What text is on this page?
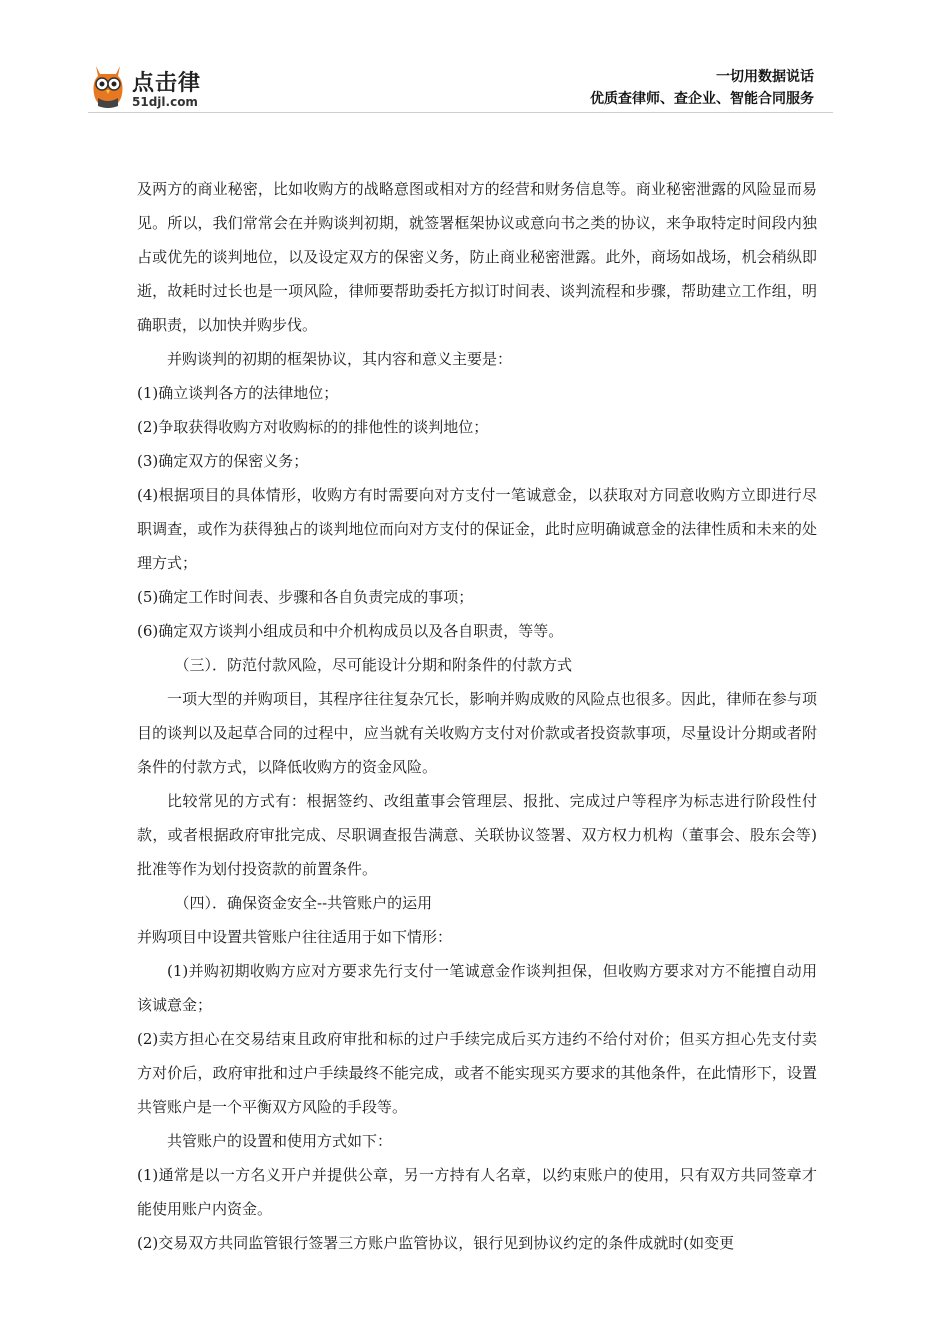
点击律
51djl.com
一切用数据说话
优质查律师、查企业、智能合同服务

及两方的商业秘密，比如收购方的战略意图或相对方的经营和财务信息等。商业秘密泄露的风险显而易见。所以，我们常常会在并购谈判初期，就签署框架协议或意向书之类的协议，来争取特定时间段内独占或优先的谈判地位，以及设定双方的保密义务，防止商业秘密泄露。此外，商场如战场，机会稍纵即逝，故耗时过长也是一项风险，律师要帮助委托方拟订时间表、谈判流程和步骤，帮助建立工作组，明确职责，以加快并购步伐。

并购谈判的初期的框架协议，其内容和意义主要是：

(1)确立谈判各方的法律地位；

(2)争取获得收购方对收购标的的排他性的谈判地位；

(3)确定双方的保密义务；

(4)根据项目的具体情形，收购方有时需要向对方支付一笔诚意金，以获取对方同意收购方立即进行尽职调查，或作为获得独占的谈判地位而向对方支付的保证金，此时应明确诚意金的法律性质和未来的处理方式；

(5)确定工作时间表、步骤和各自负责完成的事项；

(6)确定双方谈判小组成员和中介机构成员以及各自职责，等等。

（三）．防范付款风险，尽可能设计分期和附条件的付款方式

一项大型的并购项目，其程序往往复杂冗长，影响并购成败的风险点也很多。因此，律师在参与项目的谈判以及起草合同的过程中，应当就有关收购方支付对价款或者投资款事项，尽量设计分期或者附条件的付款方式，以降低收购方的资金风险。

比较常见的方式有：根据签约、改组董事会管理层、报批、完成过户等程序为标志进行阶段性付款，或者根据政府审批完成、尽职调查报告满意、关联协议签署、双方权力机构（董事会、股东会等)批准等作为划付投资款的前置条件。

（四）．确保资金安全--共管账户的运用

并购项目中设置共管账户往往适用于如下情形：

(1)并购初期收购方应对方要求先行支付一笔诚意金作谈判担保，但收购方要求对方不能擅自动用该诚意金；

(2)卖方担心在交易结束且政府审批和标的过户手续完成后买方违约不给付对价；但买方担心先支付卖方对价后，政府审批和过户手续最终不能完成，或者不能实现买方要求的其他条件，在此情形下，设置共管账户是一个平衡双方风险的手段等。

共管账户的设置和使用方式如下：

(1)通常是以一方名义开户并提供公章，另一方持有人名章，以约束账户的使用，只有双方共同签章才能使用账户内资金。

(2)交易双方共同监管银行签署三方账户监管协议，银行见到协议约定的条件成就时(如变更
